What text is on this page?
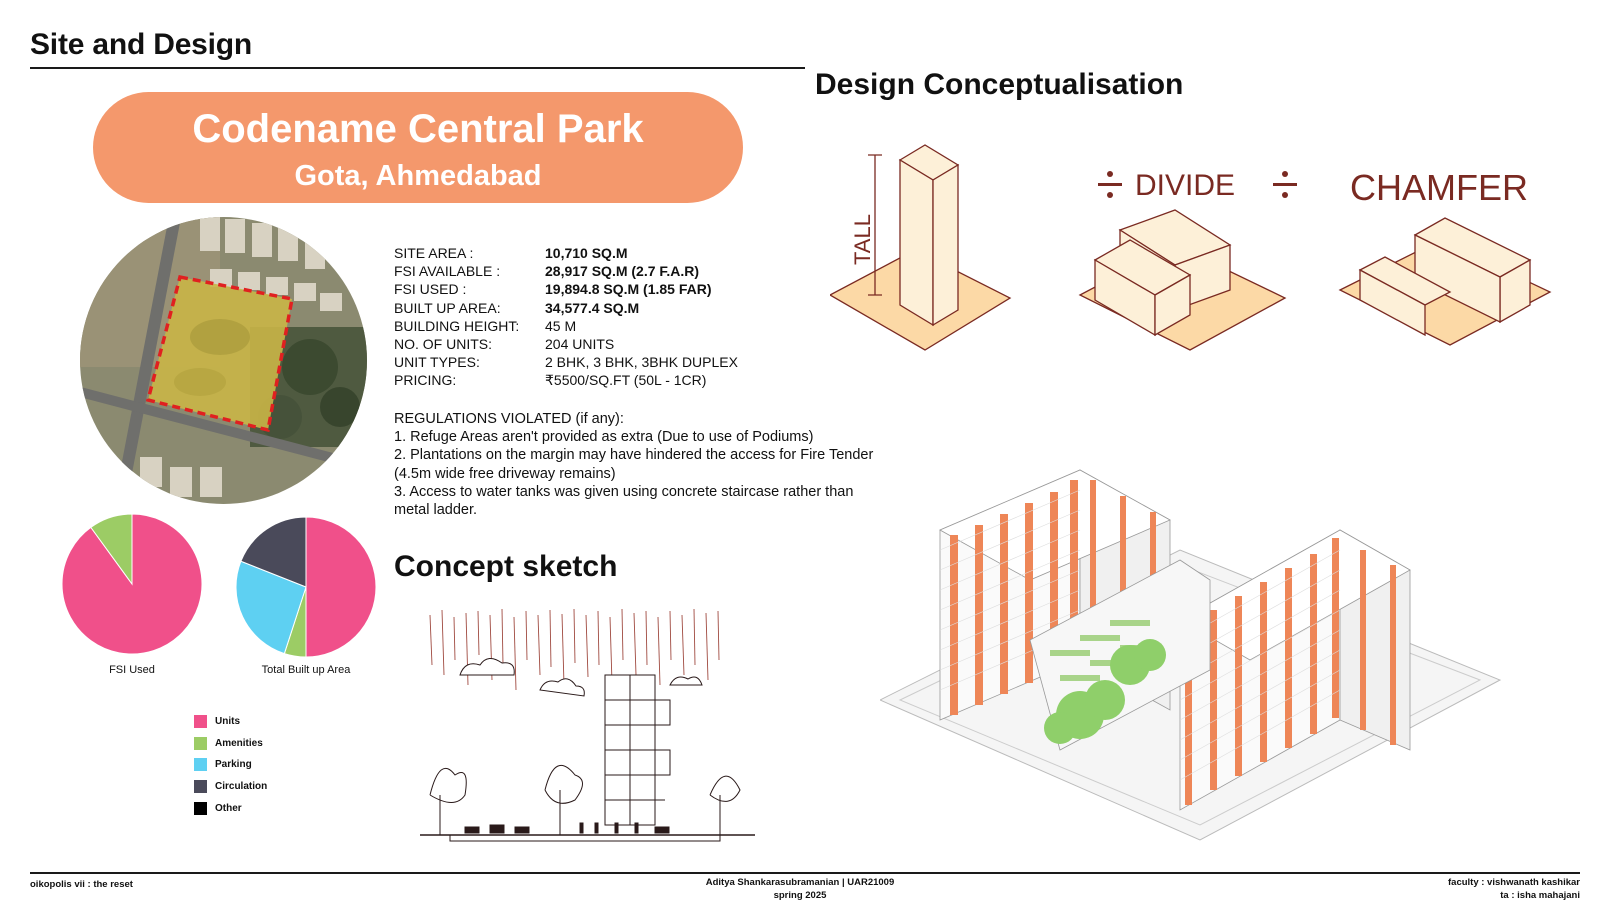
Site and Design
Design Conceptualisation
Codename Central Park
Gota, Ahmedabad
SITE AREA :	10,710 SQ.M
FSI AVAILABLE :	28,917 SQ.M (2.7 F.A.R)
FSI USED :	19,894.8 SQ.M (1.85 FAR)
BUILT UP AREA:	34,577.4 SQ.M
BUILDING HEIGHT:	45 M
NO. OF UNITS:	204 UNITS
UNIT TYPES:	2 BHK, 3 BHK, 3BHK DUPLEX
PRICING:	₹5500/SQ.FT (50L - 1CR)
REGULATIONS VIOLATED (if any):
1. Refuge Areas aren't provided as extra (Due to use of Podiums)
2. Plantations on the margin may have hindered the access for Fire Tender
(4.5m wide free driveway remains)
3. Access to water tanks was given using concrete staircase rather than
metal ladder.
Concept sketch
FSI Used	Total Built up Area
Units
Amenities
Parking
Circulation
Other
TALL
DIVIDE	CHAMFER
oikopolis vii : the reset	Aditya Shankarasubramanian | UAR21009
spring 2025
faculty : vishwanath kashikar
ta : isha mahajani
